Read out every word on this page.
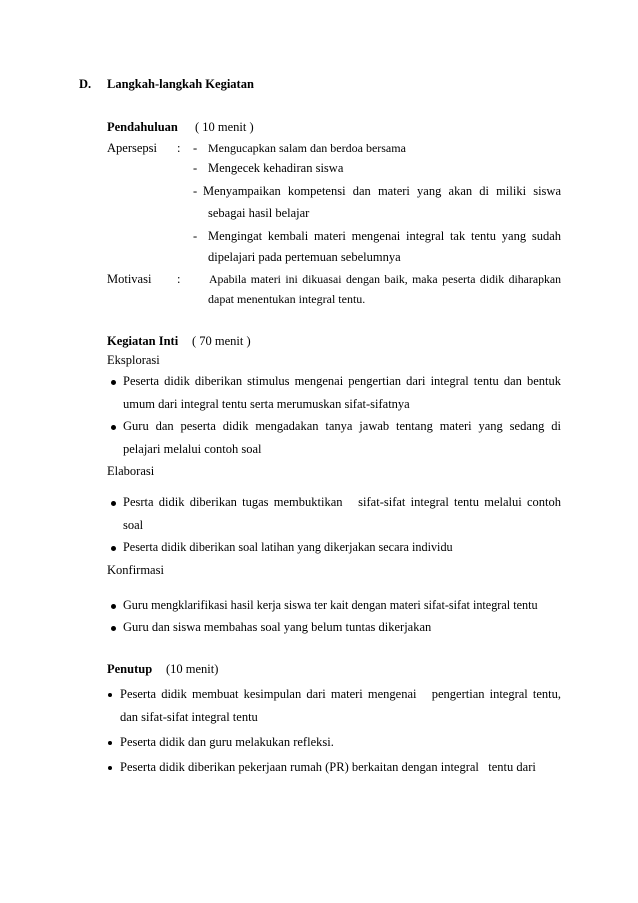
D. Langkah-langkah Kegiatan
Pendahuluan ( 10 menit )
Apersepsi : - Mengucapkan salam dan berdoa bersama
- Mengecek kehadiran siswa
- Menyampaikan kompetensi dan materi yang akan di miliki siswa
sebagai hasil belajar
- Mengingat kembali materi mengenai integral tak tentu yang sudah
dipelajari pada pertemuan sebelumnya
Motivasi : Apabila materi ini dikuasai dengan baik, maka peserta didik diharapkan
dapat menentukan integral tentu.
Kegiatan Inti ( 70 menit )
Eksplorasi
Peserta didik diberikan stimulus mengenai pengertian dari integral tentu dan bentuk
umum dari integral tentu serta merumuskan sifat-sifatnya
Guru dan peserta didik mengadakan tanya jawab tentang materi yang sedang di
pelajari melalui contoh soal
Elaborasi
Pesrta didik diberikan tugas membuktikan   sifat-sifat integral tentu melalui contoh
soal
Peserta didik diberikan soal latihan yang dikerjakan secara individu
Konfirmasi
Guru mengklarifikasi hasil kerja siswa ter kait dengan materi sifat-sifat integral tentu
Guru dan siswa membahas soal yang belum tuntas dikerjakan
Penutup (10 menit)
Peserta didik membuat kesimpulan dari materi mengenai   pengertian integral tentu,
dan sifat-sifat integral tentu
Peserta didik dan guru melakukan refleksi.
Peserta didik diberikan pekerjaan rumah (PR) berkaitan dengan integral   tentu dari
